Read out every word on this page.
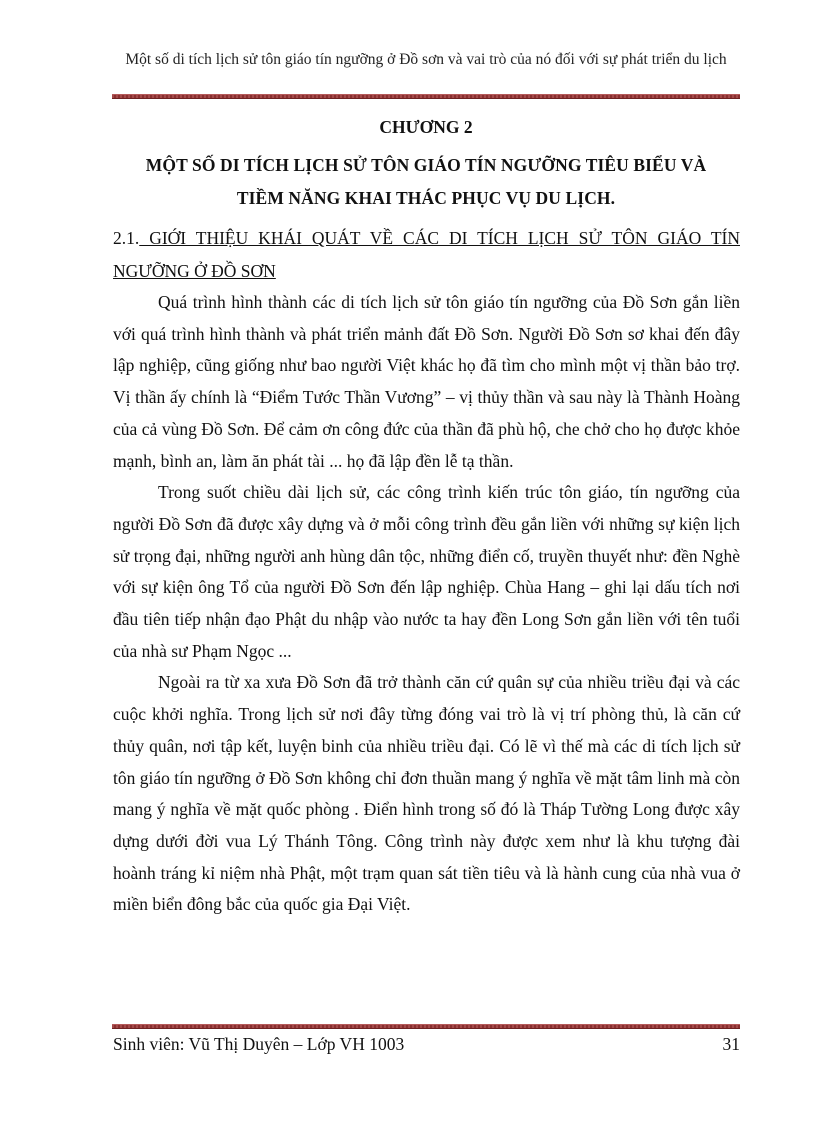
Một số di tích lịch sử tôn giáo tín ngưỡng ở Đồ sơn và vai trò của nó đối với sự phát triển du lịch
CHƯƠNG 2
MỘT SỐ DI TÍCH LỊCH SỬ TÔN GIÁO TÍN NGƯỠNG TIÊU BIỂU VÀ
TIỀM NĂNG KHAI THÁC PHỤC VỤ DU LỊCH.
2.1. GIỚI THIỆU KHÁI QUÁT VỀ CÁC DI TÍCH LỊCH SỬ TÔN GIÁO TÍN NGƯỠNG Ở ĐỒ SƠN

Quá trình hình thành các di tích lịch sử tôn giáo tín ngưỡng của Đồ Sơn gắn liền với quá trình hình thành và phát triển mảnh đất Đồ Sơn. Người Đồ Sơn sơ khai đến đây lập nghiệp, cũng giống như bao người Việt khác họ đã tìm cho mình một vị thần bảo trợ. Vị thần ấy chính là “Điểm Tước Thần Vương” – vị thủy thần và sau này là Thành Hoàng của cả vùng Đồ Sơn. Để cảm ơn công đức của thần đã phù hộ, che chở cho họ được khỏe mạnh, bình an, làm ăn phát tài ... họ đã lập đền lễ tạ thần.

Trong suốt chiều dài lịch sử, các công trình kiến trúc tôn giáo, tín ngưỡng của người Đồ Sơn đã được xây dựng và ở mỗi công trình đều gắn liền với những sự kiện lịch sử trọng đại, những người anh hùng dân tộc, những điển cố, truyền thuyết như: đền Nghè với sự kiện ông Tổ của người Đồ Sơn đến lập nghiệp. Chùa Hang – ghi lại dấu tích nơi đầu tiên tiếp nhận đạo Phật du nhập vào nước ta hay đền Long Sơn gắn liền với tên tuổi của nhà sư Phạm Ngọc ...

Ngoài ra từ xa xưa Đồ Sơn đã trở thành căn cứ quân sự của nhiều triều đại và các cuộc khởi nghĩa. Trong lịch sử nơi đây từng đóng vai trò là vị trí phòng thủ, là căn cứ thủy quân, nơi tập kết, luyện binh của nhiều triều đại. Có lẽ vì thế mà các di tích lịch sử tôn giáo tín ngưỡng ở Đồ Sơn không chỉ đơn thuần mang ý nghĩa về mặt tâm linh mà còn mang ý nghĩa về mặt quốc phòng . Điển hình trong số đó là Tháp Tường Long được xây dựng dưới đời vua Lý Thánh Tông. Công trình này được xem như là khu tượng đài hoành tráng kỉ niệm nhà Phật, một trạm quan sát tiền tiêu và là hành cung của nhà vua ở miền biển đông bắc của quốc gia Đại Việt.

Sinh viên: Vũ Thị Duyên – Lớp VH 1003	31
